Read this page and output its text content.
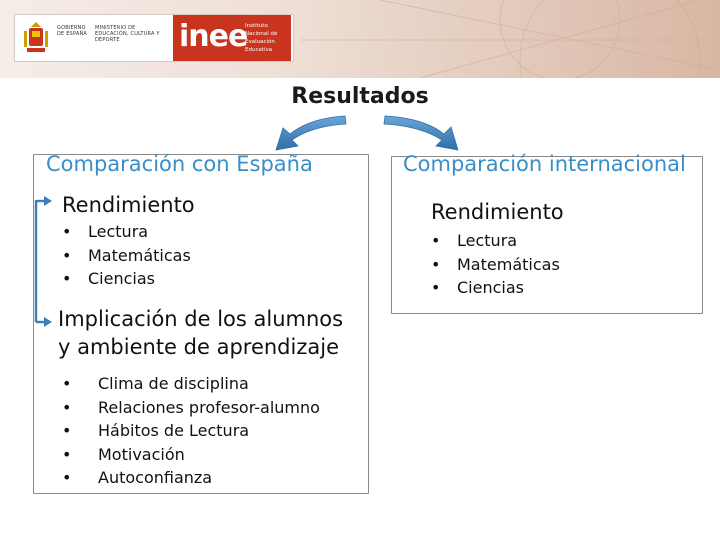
GOBIERNO DE ESPAÑA
MINISTERIO DE EDUCACIÓN, CULTURA Y DEPORTE	inee
Instituto Nacional de Evaluación Educativa
Resultados
Comparación con España
Rendimiento
• Lectura
• Matemáticas
• Ciencias
Implicación de los alumnos
y ambiente de aprendizaje
• Clima de disciplina
• Relaciones profesor-alumno
• Hábitos de Lectura
• Motivación
• Autoconfianza
Comparación internacional
Rendimiento
• Lectura
• Matemáticas
• Ciencias
